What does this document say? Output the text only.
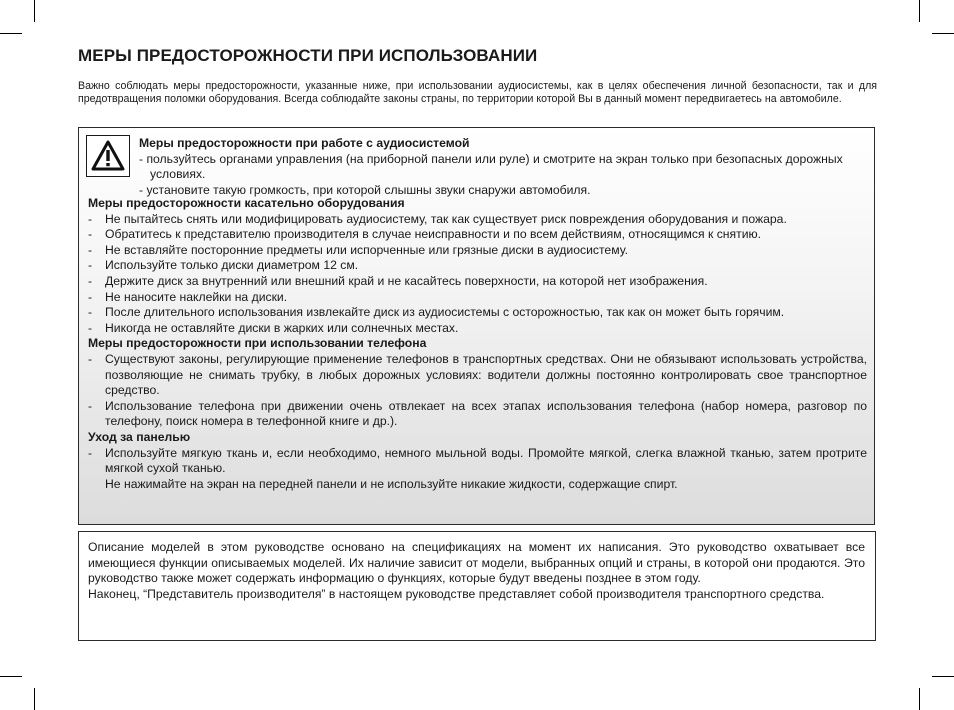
МЕРЫ ПРЕДОСТОРОЖНОСТИ ПРИ ИСПОЛЬЗОВАНИИ

Важно соблюдать меры предосторожности, указанные ниже, при использовании аудиосистемы, как в целях обеспечения личной безопасности, так и для предотвращения поломки оборудования. Всегда соблюдайте законы страны, по территории которой Вы в данный момент передвигаетесь на автомобиле.

Меры предосторожности при работе с аудиосистемой
- пользуйтесь органами управления (на приборной панели или руле) и смотрите на экран только при безопасных дорожных условиях.
- установите такую громкость, при которой слышны звуки снаружи автомобиля.
Меры предосторожности касательно оборудования
- Не пытайтесь снять или модифицировать аудиосистему, так как существует риск повреждения оборудования и пожара.
- Обратитесь к представителю производителя в случае неисправности и по всем действиям, относящимся к снятию.
- Не вставляйте посторонние предметы или испорченные или грязные диски в аудиосистему.
- Используйте только диски диаметром 12 см.
- Держите диск за внутренний или внешний край и не касайтесь поверхности, на которой нет изображения.
- Не наносите наклейки на диски.
- После длительного использования извлекайте диск из аудиосистемы с осторожностью, так как он может быть горячим.
- Никогда не оставляйте диски в жарких или солнечных местах.
Меры предосторожности при использовании телефона
- Существуют законы, регулирующие применение телефонов в транспортных средствах. Они не обязывают использовать устройства, позволяющие не снимать трубку, в любых дорожных условиях: водители должны постоянно контролировать свое транспортное средство.
- Использование телефона при движении очень отвлекает на всех этапах использования телефона (набор номера, разговор по телефону, поиск номера в телефонной книге и др.).
Уход за панелью
- Используйте мягкую ткань и, если необходимо, немного мыльной воды. Промойте мягкой, слегка влажной тканью, затем протрите мягкой сухой тканью.
Не нажимайте на экран на передней панели и не используйте никакие жидкости, содержащие спирт.

Описание моделей в этом руководстве основано на спецификациях на момент их написания. Это руководство охватывает все имеющиеся функции описываемых моделей. Их наличие зависит от модели, выбранных опций и страны, в которой они продаются. Это руководство также может содержать информацию о функциях, которые будут введены позднее в этом году.

Наконец, “Представитель производителя” в настоящем руководстве представляет собой производителя транспортного средства.
